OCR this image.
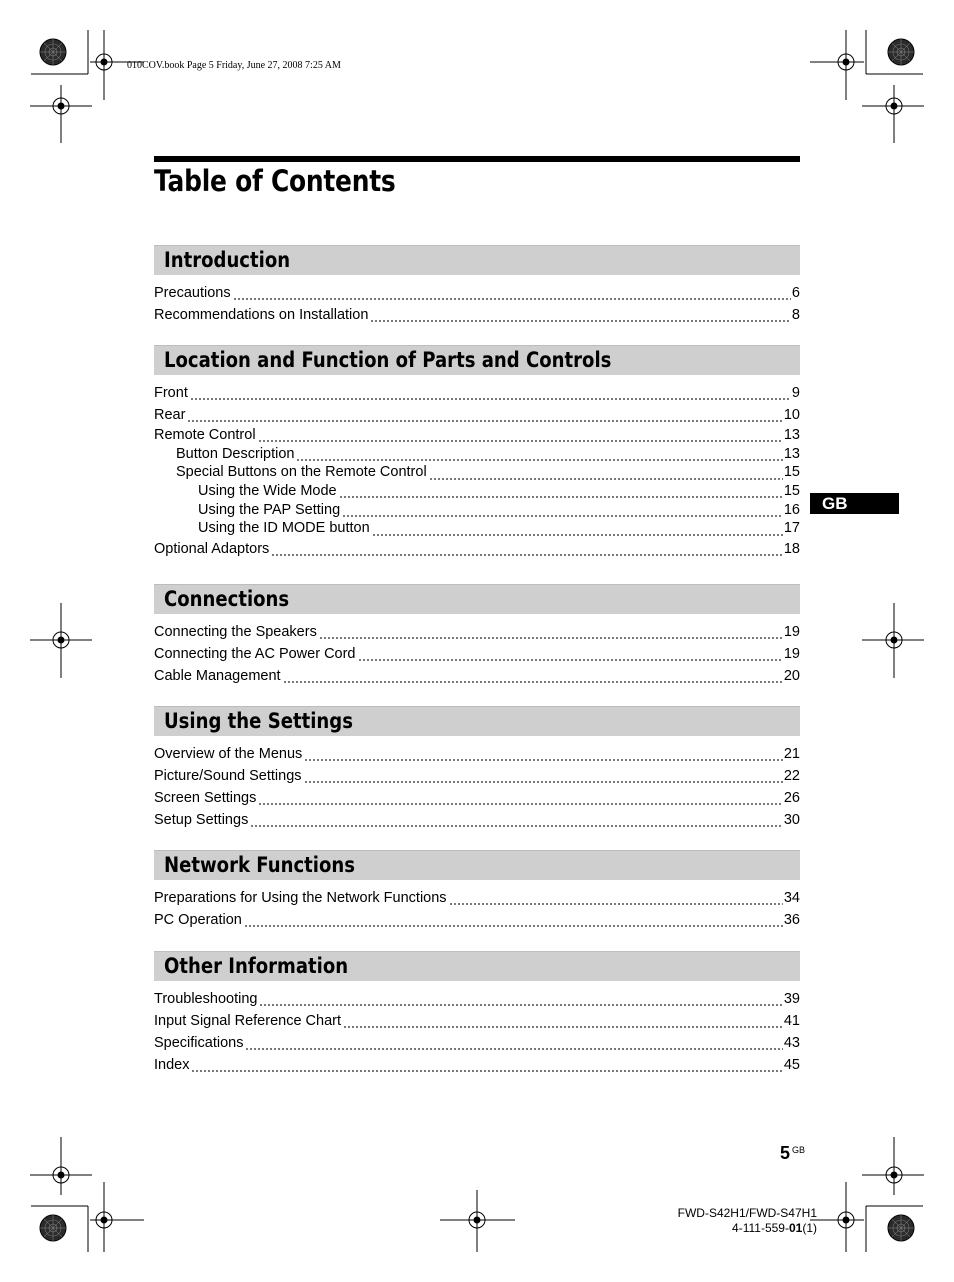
010COV.book Page 5 Friday, June 27, 2008 7:25 AM
Table of Contents
Introduction
Precautions	6
Recommendations on Installation	8
Location and Function of Parts and Controls
Front	9
Rear	10
Remote Control	13
Button Description	13
Special Buttons on the Remote Control	15
Using the Wide Mode	15
Using the PAP Setting	16
Using the ID MODE button	17
Optional Adaptors	18
Connections
Connecting the Speakers	19
Connecting the AC Power Cord	19
Cable Management	20
Using the Settings
Overview of the Menus	21
Picture/Sound Settings	22
Screen Settings	26
Setup Settings	30
Network Functions
Preparations for Using the Network Functions	34
PC Operation	36
Other Information
Troubleshooting	39
Input Signal Reference Chart	41
Specifications	43
Index	45
GB
5 $^{GB}$
FWD-S42H1/FWD-S47H1
4-111-559-01(1)
